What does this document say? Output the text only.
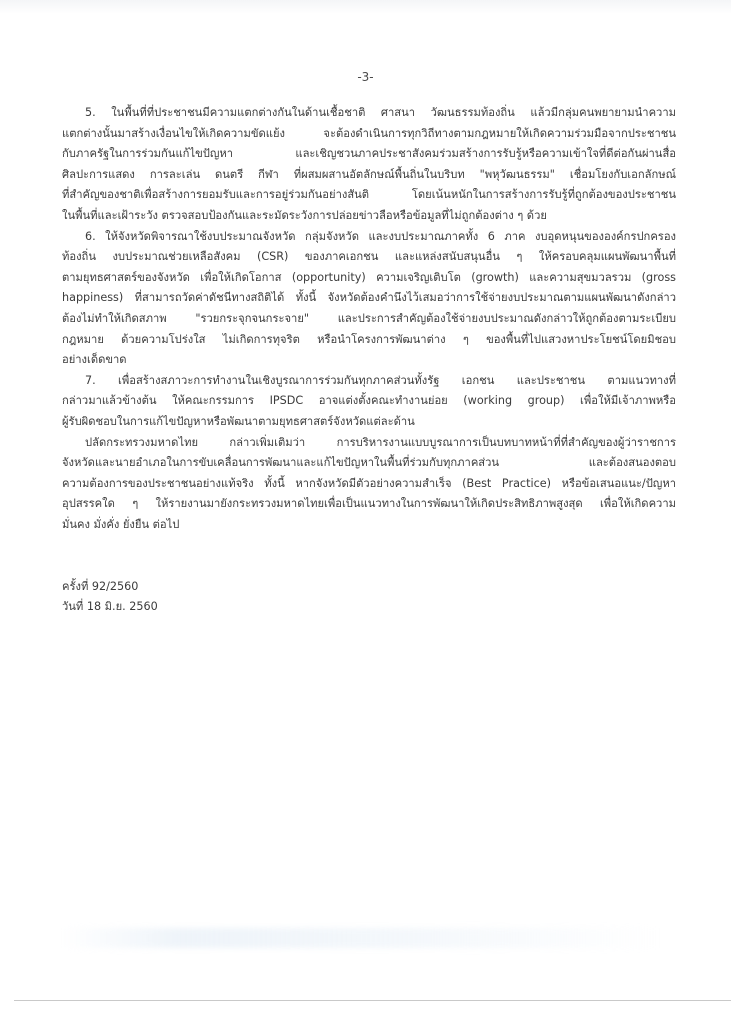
-3-
5. ในพื้นที่ที่ประชาชนมีความแตกต่างกันในด้านเชื้อชาติ ศาสนา วัฒนธรรมท้องถิ่น แล้วมีกลุ่มคนพยายามนำความ
แตกต่างนั้นมาสร้างเงื่อนไขให้เกิดความขัดแย้ง จะต้องดำเนินการทุกวิถีทางตามกฎหมายให้เกิดความร่วมมือจากประชาชน
กับภาครัฐในการร่วมกันแก้ไขปัญหา และเชิญชวนภาคประชาสังคมร่วมสร้างการรับรู้หรือความเข้าใจที่ดีต่อกันผ่านสื่อ
ศิลปะการแสดง การละเล่น ดนตรี กีฬา ที่ผสมผสานอัตลักษณ์พื้นถิ่นในบริบท "พหุวัฒนธรรม" เชื่อมโยงกับเอกลักษณ์
ที่สำคัญของชาติเพื่อสร้างการยอมรับและการอยู่ร่วมกันอย่างสันติ โดยเน้นหนักในการสร้างการรับรู้ที่ถูกต้องของประชาชน
ในพื้นที่และเฝ้าระวัง ตรวจสอบป้องกันและระมัดระวังการปล่อยข่าวลือหรือข้อมูลที่ไม่ถูกต้องต่าง ๆ ด้วย
6. ให้จังหวัดพิจารณาใช้งบประมาณจังหวัด กลุ่มจังหวัด และงบประมาณภาคทั้ง 6 ภาค งบอุดหนุนขององค์กรปกครอง
ท้องถิ่น งบประมาณช่วยเหลือสังคม (CSR) ของภาคเอกชน และแหล่งสนับสนุนอื่น ๆ ให้ครอบคลุมแผนพัฒนาพื้นที่
ตามยุทธศาสตร์ของจังหวัด เพื่อให้เกิดโอกาส (opportunity) ความเจริญเติบโต (growth) และความสุขมวลรวม (gross
happiness) ที่สามารถวัดค่าดัชนีทางสถิติได้ ทั้งนี้ จังหวัดต้องคำนึงไว้เสมอว่าการใช้จ่ายงบประมาณตามแผนพัฒนาดังกล่าว
ต้องไม่ทำให้เกิดสภาพ "รวยกระจุกจนกระจาย" และประการสำคัญต้องใช้จ่ายงบประมาณดังกล่าวให้ถูกต้องตามระเบียบ
กฎหมาย ด้วยความโปร่งใส ไม่เกิดการทุจริต หรือนำโครงการพัฒนาต่าง ๆ ของพื้นที่ไปแสวงหาประโยชน์โดยมิชอบ
อย่างเด็ดขาด
7. เพื่อสร้างสภาวะการทำงานในเชิงบูรณาการร่วมกันทุกภาคส่วนทั้งรัฐ เอกชน และประชาชน ตามแนวทางที่
กล่าวมาแล้วข้างต้น ให้คณะกรรมการ IPSDC อาจแต่งตั้งคณะทำงานย่อย (working group) เพื่อให้มีเจ้าภาพหรือ
ผู้รับผิดชอบในการแก้ไขปัญหาหรือพัฒนาตามยุทธศาสตร์จังหวัดแต่ละด้าน
ปลัดกระทรวงมหาดไทย กล่าวเพิ่มเติมว่า การบริหารงานแบบบูรณาการเป็นบทบาทหน้าที่ที่สำคัญของผู้ว่าราชการ
จังหวัดและนายอำเภอในการขับเคลื่อนการพัฒนาและแก้ไขปัญหาในพื้นที่ร่วมกับทุกภาคส่วน และต้องสนองตอบ
ความต้องการของประชาชนอย่างแท้จริง ทั้งนี้ หากจังหวัดมีตัวอย่างความสำเร็จ (Best Practice) หรือข้อเสนอแนะ/ปัญหา
อุปสรรคใด ๆ ให้รายงานมายังกระทรวงมหาดไทยเพื่อเป็นแนวทางในการพัฒนาให้เกิดประสิทธิภาพสูงสุด เพื่อให้เกิดความ
มั่นคง มั่งคั่ง ยั่งยืน ต่อไป
ครั้งที่ 92/2560
วันที่ 18 มิ.ย. 2560
